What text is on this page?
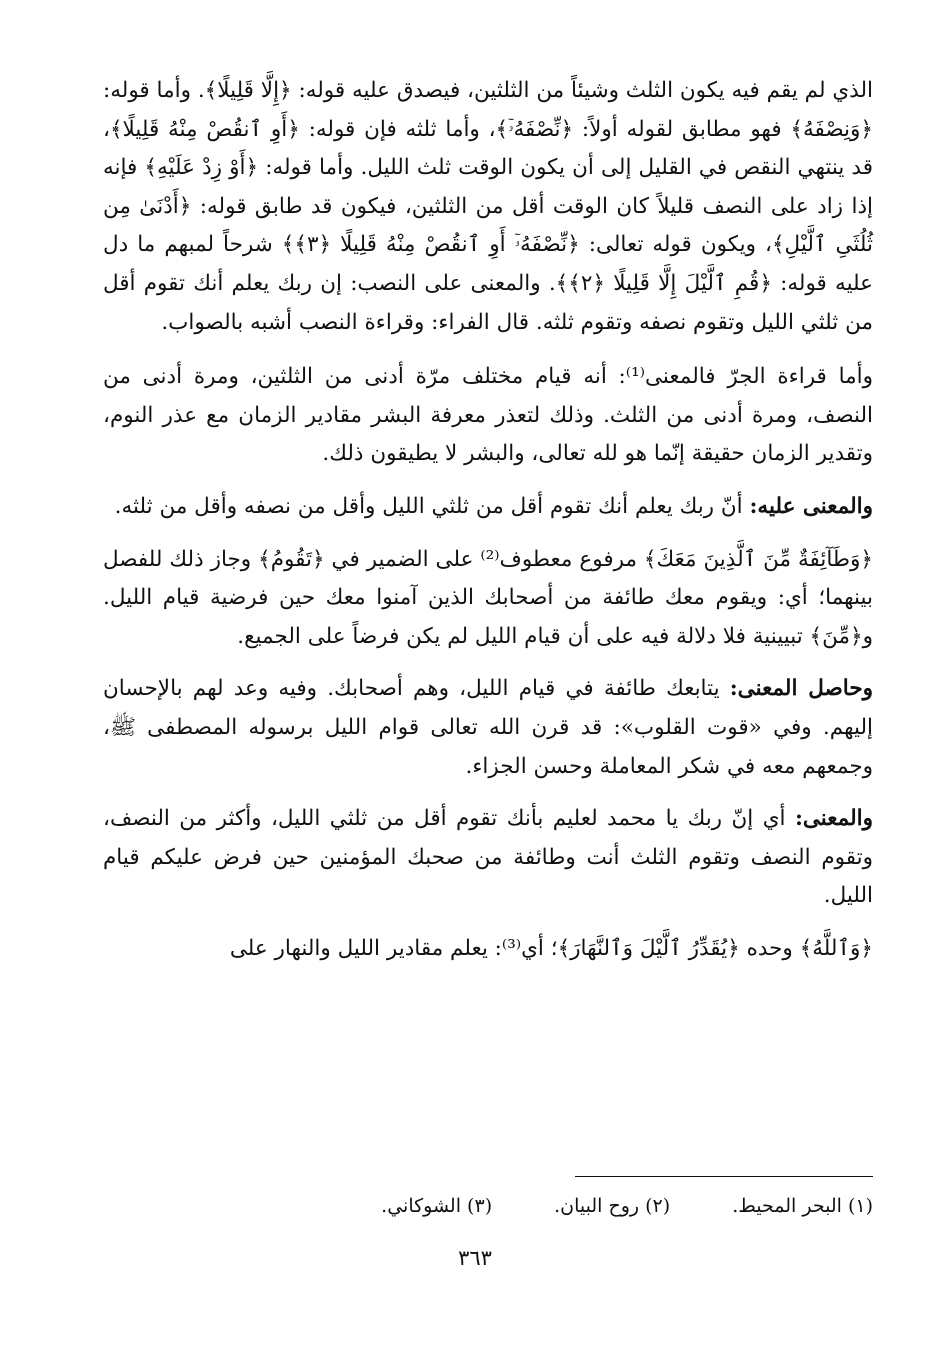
الذي لم يقم فيه يكون الثلث وشيئاً من الثلثين، فيصدق عليه قوله: ﴿إِلَّا قَلِيلًا﴾. وأما قوله: ﴿وَنِصْفَهُ﴾ فهو مطابق لقوله أولاً: ﴿نِّصْفَهُۥٓ﴾، وأما ثلثه فإن قوله: ﴿أَوِ ٱنقُصْ مِنْهُ قَلِيلًا﴾، قد ينتهي النقص في القليل إلى أن يكون الوقت ثلث الليل. وأما قوله: ﴿أَوْ زِدْ عَلَيْهِ﴾ فإنه إذا زاد على النصف قليلاً كان الوقت أقل من الثلثين، فيكون قد طابق قوله: ﴿أَدْنَىٰ مِن ثُلُثَىِ ٱلَّيْلِ﴾، ويكون قوله تعالى: ﴿نِّصْفَهُۥٓ أَوِ ٱنقُصْ مِنْهُ قَلِيلًا ﴿٣﴾﴾ شرحاً لمبهم ما دل عليه قوله: ﴿قُمِ ٱلَّيْلَ إِلَّا قَلِيلًا ﴿٢﴾﴾. والمعنى على النصب: إن ربك يعلم أنك تقوم أقل من ثلثي الليل وتقوم نصفه وتقوم ثلثه. قال الفراء: وقراءة النصب أشبه بالصواب.

وأما قراءة الجرّ فالمعنى⁽¹⁾: أنه قيام مختلف مرّة أدنى من الثلثين، ومرة أدنى من النصف، ومرة أدنى من الثلث. وذلك لتعذر معرفة البشر مقادير الزمان مع عذر النوم، وتقدير الزمان حقيقة إنّما هو لله تعالى، والبشر لا يطيقون ذلك.

والمعنى عليه: أنّ ربك يعلم أنك تقوم أقل من ثلثي الليل وأقل من نصفه وأقل من ثلثه.

﴿وَطَآئِفَةٌ مِّنَ ٱلَّذِينَ مَعَكَ﴾ مرفوع معطوف⁽²⁾ على الضمير في ﴿تَقُومُ﴾ وجاز ذلك للفصل بينهما؛ أي: ويقوم معك طائفة من أصحابك الذين آمنوا معك حين فرضية قيام الليل. و﴿مِّنَ﴾ تبيينية فلا دلالة فيه على أن قيام الليل لم يكن فرضاً على الجميع.

وحاصل المعنى: يتابعك طائفة في قيام الليل، وهم أصحابك. وفيه وعد لهم بالإحسان إليهم. وفي «قوت القلوب»: قد قرن الله تعالى قوام الليل برسوله المصطفى ﷺ، وجمعهم معه في شكر المعاملة وحسن الجزاء.

والمعنى: أي إنّ ربك يا محمد لعليم بأنك تقوم أقل من ثلثي الليل، وأكثر من النصف، وتقوم النصف وتقوم الثلث أنت وطائفة من صحبك المؤمنين حين فرض عليكم قيام الليل.

﴿وَٱللَّهُ﴾ وحده ﴿يُقَدِّرُ ٱلَّيْلَ وَٱلنَّهَارَ﴾؛ أي⁽³⁾: يعلم مقادير الليل والنهار على

(١) البحر المحيط.
(٢) روح البيان.
(٣) الشوكاني.
٣٦٣
